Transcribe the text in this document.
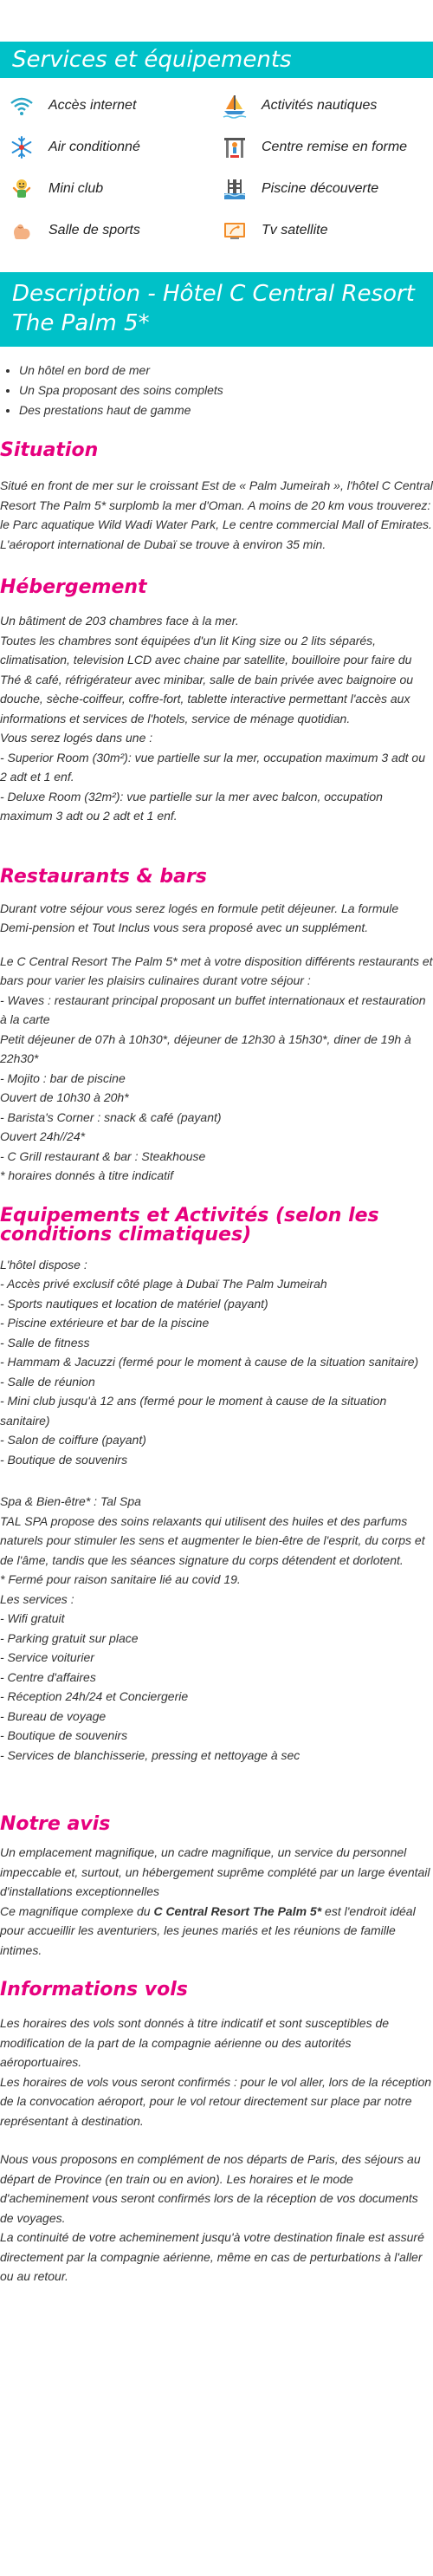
Services et équipements
Accès internet	Activités nautiques
Air conditionné	Centre remise en forme
Mini club	Piscine découverte
Salle de sports	Tv satellite
Description - Hôtel C Central Resort The Palm 5*
• Un hôtel en bord de mer
• Un Spa proposant des soins complets
• Des prestations haut de gamme
Situation

Situé en front de mer sur le croissant Est de « Palm Jumeirah », l'hôtel C Central Resort The Palm 5* surplomb la mer d'Oman. A moins de 20 km vous trouverez: le Parc aquatique Wild Wadi Water Park, Le centre commercial Mall of Emirates. L'aéroport international de Dubaï se trouve à environ 35 min.

Hébergement

Un bâtiment de 203 chambres face à la mer.
Toutes les chambres sont équipées d'un lit King size ou 2 lits séparés, climatisation, television LCD avec chaine par satellite, bouilloire pour faire du Thé & café, réfrigérateur avec minibar, salle de bain privée avec baignoire ou douche, sèche-coiffeur, coffre-fort, tablette interactive permettant l'accès aux informations et services de l'hotels, service de ménage quotidian.
Vous serez logés dans une :
- Superior Room (30m²): vue partielle sur la mer, occupation maximum 3 adt ou 2 adt et 1 enf.
- Deluxe Room (32m²): vue partielle sur la mer avec balcon, occupation maximum 3 adt ou 2 adt et 1 enf.

Restaurants & bars

Durant votre séjour vous serez logés en formule petit déjeuner. La formule Demi-pension et Tout Inclus vous sera proposé avec un supplément.

Le C Central Resort The Palm 5* met à votre disposition différents restaurants et bars pour varier les plaisirs culinaires durant votre séjour :
- Waves : restaurant principal proposant un buffet internationaux et restauration à la carte
Petit déjeuner de 07h à 10h30*, déjeuner de 12h30 à 15h30*, diner de 19h à 22h30*
- Mojito : bar de piscine
Ouvert de 10h30 à 20h*
- Barista's Corner : snack & café (payant)
Ouvert 24h//24*
- C Grill restaurant & bar : Steakhouse
* horaires donnés à titre indicatif

Equipements et Activités (selon les conditions climatiques)

L'hôtel dispose :
- Accès privé exclusif côté plage à Dubaï The Palm Jumeirah
- Sports nautiques et location de matériel (payant)
- Piscine extérieure et bar de la piscine
- Salle de fitness
- Hammam & Jacuzzi (fermé pour le moment à cause de la situation sanitaire)
- Salle de réunion
- Mini club jusqu'à 12 ans (fermé pour le moment à cause de la situation sanitaire)
- Salon de coiffure (payant)
- Boutique de souvenirs

Spa & Bien-être* : Tal Spa
TAL SPA propose des soins relaxants qui utilisent des huiles et des parfums naturels pour stimuler les sens et augmenter le bien-être de l'esprit, du corps et de l'âme, tandis que les séances signature du corps détendent et dorlotent.
* Fermé pour raison sanitaire lié au covid 19.
Les services :
- Wifi gratuit
- Parking gratuit sur place
- Service voiturier
- Centre d'affaires
- Réception 24h/24 et Conciergerie
- Bureau de voyage
- Boutique de souvenirs
- Services de blanchisserie, pressing et nettoyage à sec

Notre avis

Un emplacement magnifique, un cadre magnifique, un service du personnel impeccable et, surtout, un hébergement suprême complété par un large éventail d'installations exceptionnelles
Ce magnifique complexe du C Central Resort The Palm 5* est l'endroit idéal pour accueillir les aventuriers, les jeunes mariés et les réunions de famille intimes.

Informations vols

Les horaires des vols sont donnés à titre indicatif et sont susceptibles de modification de la part de la compagnie aérienne ou des autorités aéroportuaires.
Les horaires de vols vous seront confirmés : pour le vol aller, lors de la réception de la convocation aéroport, pour le vol retour directement sur place par notre représentant à destination.

Nous vous proposons en complément de nos départs de Paris, des séjours au départ de Province (en train ou en avion). Les horaires et le mode d'acheminement vous seront confirmés lors de la réception de vos documents de voyages.
La continuité de votre acheminement jusqu'à votre destination finale est assuré directement par la compagnie aérienne, même en cas de perturbations à l'aller ou au retour.
